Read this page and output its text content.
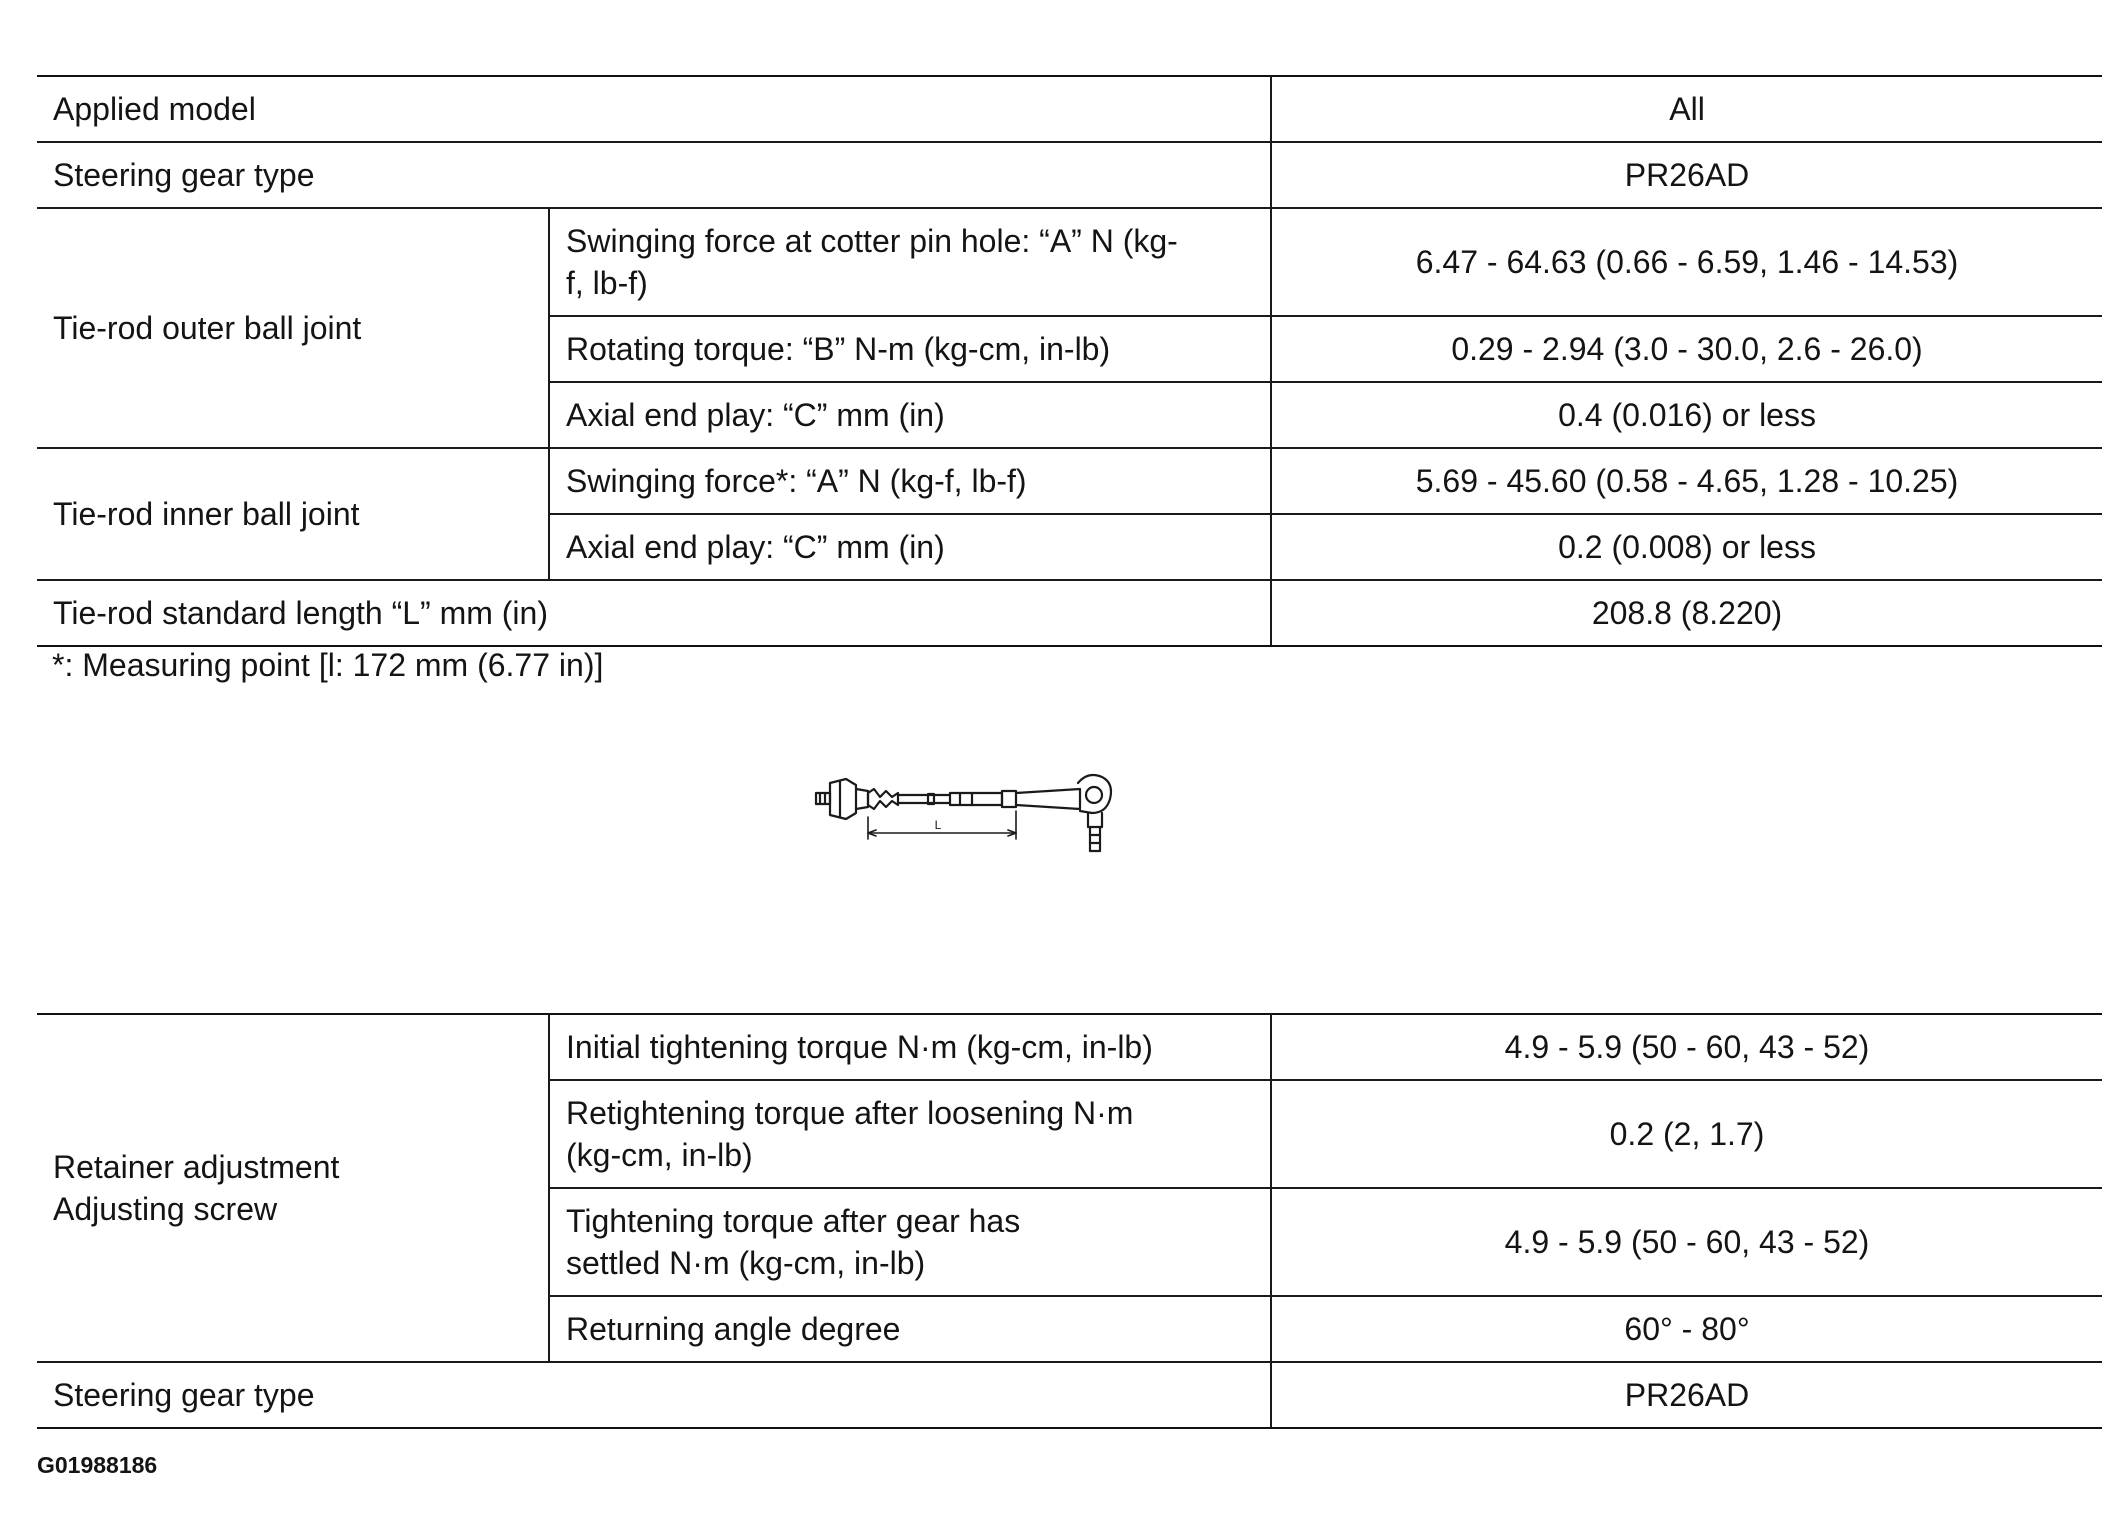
Applied model		All
Steering gear type		PR26AD
Tie-rod outer ball joint	Swinging force at cotter pin hole: “A” N (kg-
f, lb-f)	6.47 - 64.63 (0.66 - 6.59, 1.46 - 14.53)
	Rotating torque: “B” N-m (kg-cm, in-lb)	0.29 - 2.94 (3.0 - 30.0, 2.6 - 26.0)
	Axial end play: “C” mm (in)	0.4 (0.016) or less
Tie-rod inner ball joint	Swinging force*: “A” N (kg-f, lb-f)	5.69 - 45.60 (0.58 - 4.65, 1.28 - 10.25)
	Axial end play: “C” mm (in)	0.2 (0.008) or less
Tie-rod standard length “L” mm (in)		208.8 (8.220)

*: Measuring point [l: 172 mm (6.77 in)]

L
Retainer adjustment
Adjusting screw	Initial tightening torque N·m (kg-cm, in-lb)	4.9 - 5.9 (50 - 60, 43 - 52)

	Retightening torque after loosening N·m
(kg-cm, in-lb)	0.2 (2, 1.7)

	Tightening torque after gear has
settled N·m (kg-cm, in-lb)	4.9 - 5.9 (50 - 60, 43 - 52)
	Returning angle degree	60° - 80°
Steering gear type		PR26AD

G01988186
